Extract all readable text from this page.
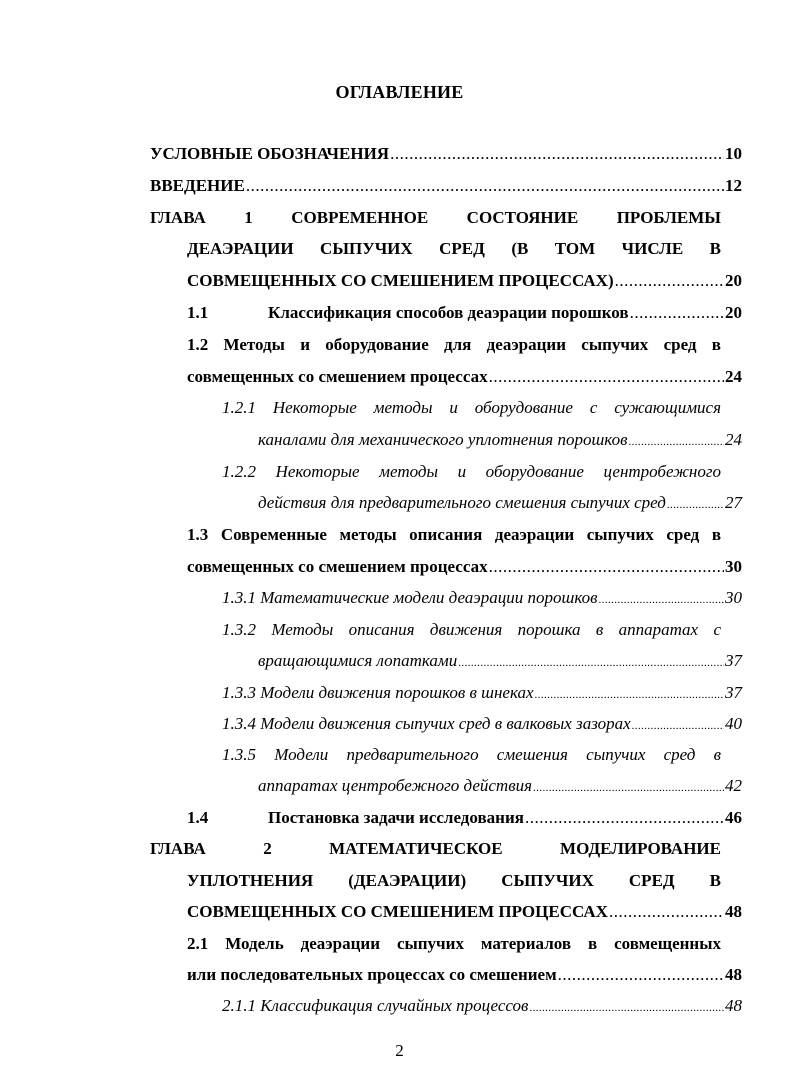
ОГЛАВЛЕНИЕ
УСЛОВНЫЕ ОБОЗНАЧЕНИЯ .....	10
ВВЕДЕНИЕ .....	12
ГЛАВА 1 СОВРЕМЕННОЕ СОСТОЯНИЕ ПРОБЛЕМЫ
ДЕАЭРАЦИИ СЫПУЧИХ СРЕД (В ТОМ ЧИСЛЕ В
СОВМЕЩЕННЫХ СО СМЕШЕНИЕМ ПРОЦЕССАХ) .....	20
1.1	Классификация способов деаэрации порошков .....	20
1.2 Методы и оборудование для деаэрации сыпучих сред в
совмещенных со смешением процессах .....	24
1.2.1 Некоторые методы и оборудование с сужающимися
каналами для механического уплотнения порошков .....	24
1.2.2 Некоторые методы и оборудование центробежного
действия для предварительного смешения сыпучих сред .....	27
1.3 Современные методы описания деаэрации сыпучих сред в
совмещенных со смешением процессах .....	30
1.3.1 Математические модели деаэрации порошков .....	30
1.3.2 Методы описания движения порошка в аппаратах с
вращающимися лопатками .....	37
1.3.3 Модели движения порошков в шнеках .....	37
1.3.4 Модели движения сыпучих сред в валковых зазорах .....	40
1.3.5 Модели предварительного смешения сыпучих сред в
аппаратах центробежного действия .....	42
1.4	Постановка задачи исследования .....	46
ГЛАВА 2 МАТЕМАТИЧЕСКОЕ МОДЕЛИРОВАНИЕ
УПЛОТНЕНИЯ (ДЕАЭРАЦИИ) СЫПУЧИХ СРЕД В
СОВМЕЩЕННЫХ СО СМЕШЕНИЕМ ПРОЦЕССАХ .....	48
2.1 Модель деаэрации сыпучих материалов в совмещенных
или последовательных процессах со смешением .....	48
2.1.1 Классификация случайных процессов .....	48
2
